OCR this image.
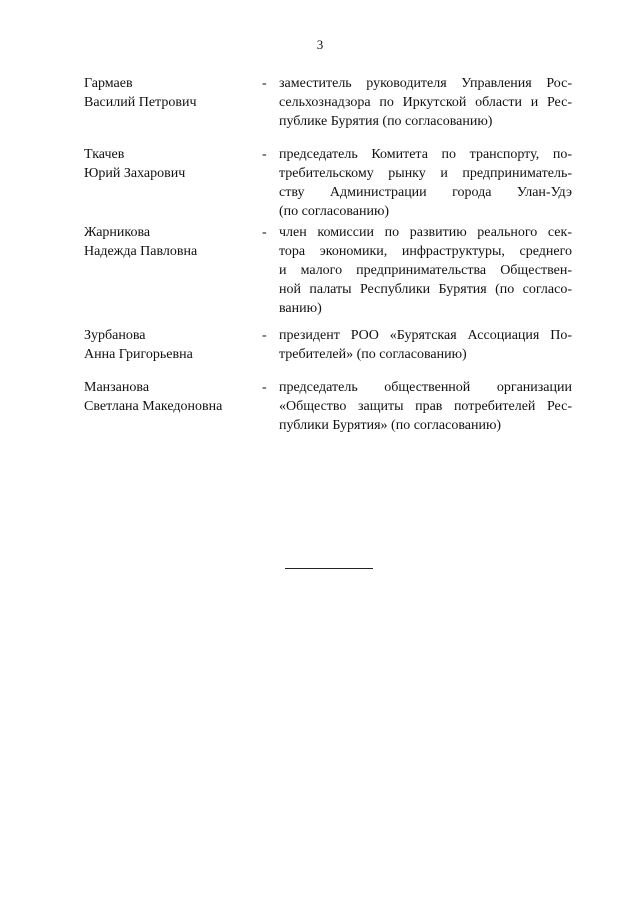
3
Гармаев
Василий Петрович
- заместитель руководителя Управления Рос-
сельхознадзора по Иркутской области и Рес-
публике Бурятия (по согласованию)
Ткачев
Юрий Захарович
- председатель Комитета по транспорту, по-
требительскому рынку и предприниматель-
ству Администрации города Улан-Удэ
(по согласованию)
Жарникова
Надежда Павловна
- член комиссии по развитию реального сек-
тора экономики, инфраструктуры, среднего
и малого предпринимательства Обществен-
ной палаты Республики Бурятия (по согласо-
ванию)
Зурбанова
Анна Григорьевна
- президент РОО «Бурятская Ассоциация По-
требителей» (по согласованию)
Манзанова
Светлана Македоновна
- председатель общественной организации
«Общество защиты прав потребителей Рес-
публики Бурятия» (по согласованию)
